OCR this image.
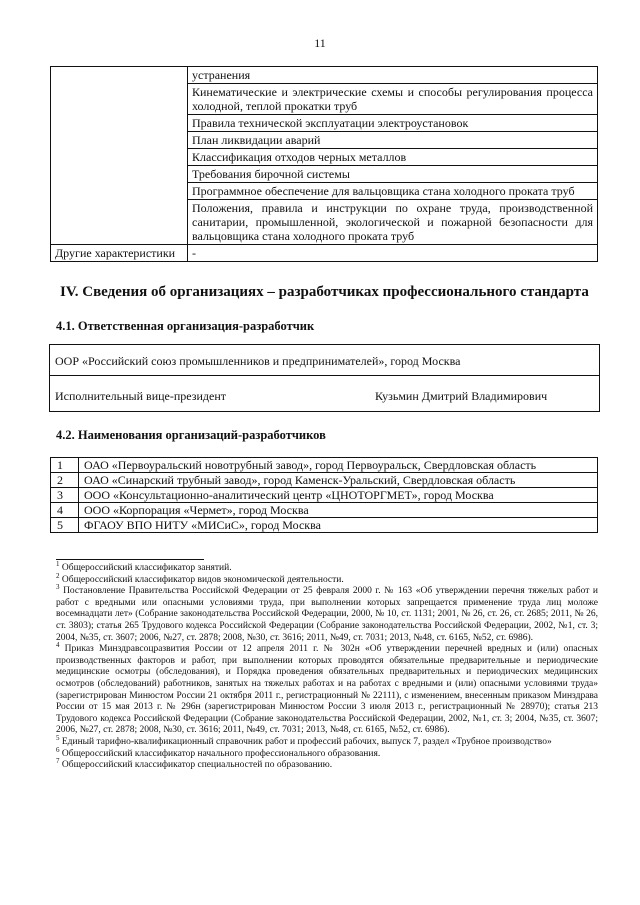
11
	устранения
	Кинематические и электрические схемы и способы регулирования процесса холодной, теплой прокатки труб
	Правила технической эксплуатации электроустановок
	План ликвидации аварий
	Классификация отходов черных металлов
	Требования бирочной системы
	Программное обеспечение для вальцовщика стана холодного проката труб
	Положения, правила и инструкции по охране труда, производственной санитарии, промышленной, экологической и пожарной безопасности для вальцовщика стана холодного проката труб
Другие характеристики	-
IV. Сведения об организациях – разработчиках профессионального стандарта
4.1. Ответственная организация-разработчик
ООР «Российский союз промышленников и предпринимателей», город Москва
Исполнительный вице-президент	Кузьмин Дмитрий Владимирович
4.2. Наименования организаций-разработчиков
1	ОАО «Первоуральский новотрубный завод», город Первоуральск, Свердловская область
2	ОАО «Синарский трубный завод», город Каменск-Уральский, Свердловская область
3	ООО «Консультационно-аналитический центр «ЦНОТОРГМЕТ», город Москва
4	ООО «Корпорация «Чермет», город Москва
5	ФГАОУ ВПО НИТУ «МИСиС», город Москва

$^1$ Общероссийский классификатор занятий.

$^2$ Общероссийский классификатор видов экономической деятельности.

$^3$ Постановление Правительства Российской Федерации от 25 февраля 2000 г. № 163 «Об утверждении перечня тяжелых работ и работ с вредными или опасными условиями труда, при выполнении которых запрещается применение труда лиц моложе восемнадцати лет» (Собрание законодательства Российской Федерации, 2000, № 10, ст. 1131; 2001, № 26, ст. 26, ст. 2685; 2011, № 26, ст. 3803); статья 265 Трудового кодекса Российской Федерации (Собрание законодательства Российской Федерации, 2002, №1, ст. 3; 2004, №35, ст. 3607; 2006, №27, ст. 2878; 2008, №30, ст. 3616; 2011, №49, ст. 7031; 2013, №48, ст. 6165, №52, ст. 6986).

$^4$ Приказ Минздравсоцразвития России от 12 апреля 2011 г. № 302н «Об утверждении перечней вредных и (или) опасных производственных факторов и работ, при выполнении которых проводятся обязательные предварительные и периодические медицинские осмотры (обследования), и Порядка проведения обязательных предварительных и периодических медицинских осмотров (обследований) работников, занятых на тяжелых работах и на работах с вредными и (или) опасными условиями труда» (зарегистрирован Минюстом России 21 октября 2011 г., регистрационный № 22111), с изменением, внесенным приказом Минздрава России от 15 мая 2013 г. № 296н (зарегистрирован Минюстом России 3 июля 2013 г., регистрационный № 28970); статья 213 Трудового кодекса Российской Федерации (Собрание законодательства Российской Федерации, 2002, №1, ст. 3; 2004, №35, ст. 3607; 2006, №27, ст. 2878; 2008, №30, ст. 3616; 2011, №49, ст. 7031; 2013, №48, ст. 6165, №52, ст. 6986).

$^5$ Единый тарифно-квалификационный справочник работ и профессий рабочих, выпуск 7, раздел «Трубное производство»

$^6$ Общероссийский классификатор начального профессионального образования.

$^7$ Общероссийский классификатор специальностей по образованию.
